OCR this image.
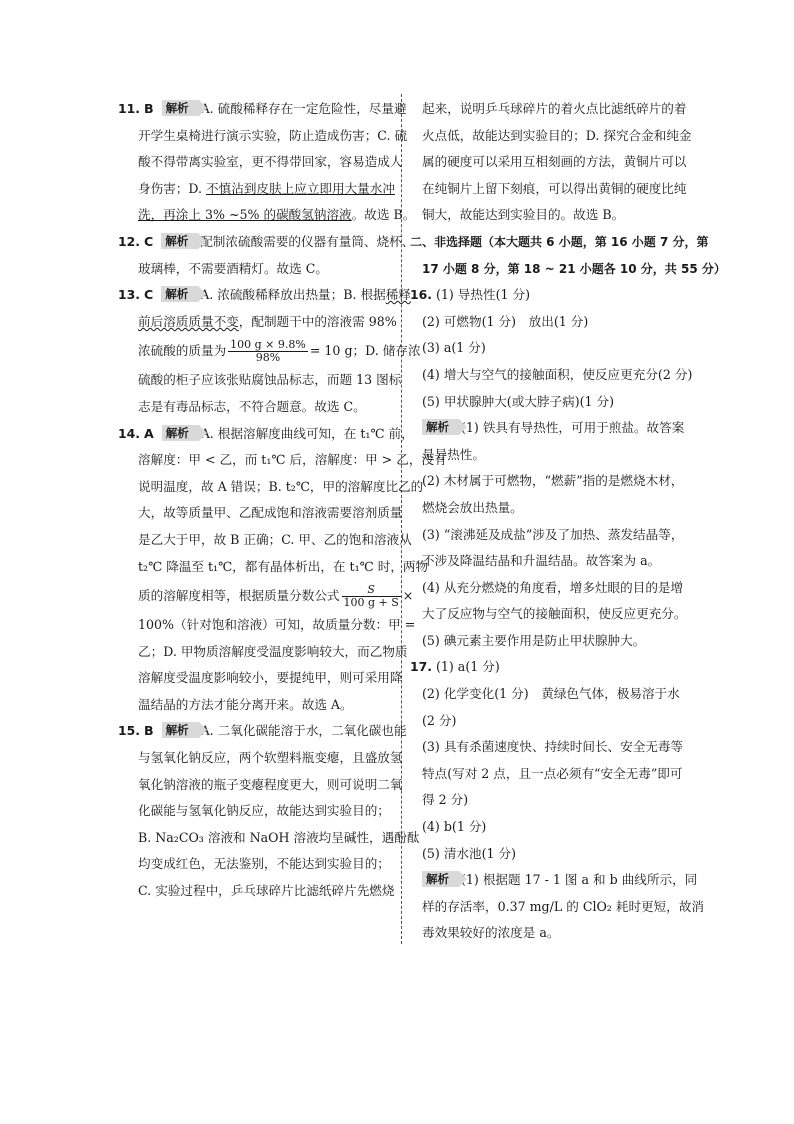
11. B 解析 A. 硫酸稀释存在一定危险性，尽量避
开学生桌椅进行演示实验，防止造成伤害；C. 硫
酸不得带离实验室，更不得带回家，容易造成人
身伤害；D. 不慎沾到皮肤上应立即用大量水冲
洗，再涂上 3% ~5% 的碳酸氢钠溶液。故选 B。
12. C 解析 配制浓硫酸需要的仪器有量筒、烧杯、
玻璃棒，不需要酒精灯。故选 C。
13. C 解析 A. 浓硫酸稀释放出热量；B. 根据稀释
前后溶质质量不变，配制题干中的溶液需 98%
浓硫酸的质量为 $\frac{100 g \times 9.8\%}{98\%} = 10$ g；D. 储存浓
硫酸的柜子应该张贴腐蚀品标志，而题 13 图标
志是有毒品标志，不符合题意。故选 C。
14. A 解析 A. 根据溶解度曲线可知，在 t₁℃ 前，
溶解度：甲 < 乙，而 t₁℃ 后，溶解度：甲 > 乙，没有
说明温度，故 A 错误；B. t₂℃，甲的溶解度比乙的
大，故等质量甲、乙配成饱和溶液需要溶剂质量
是乙大于甲，故 B 正确；C. 甲、乙的饱和溶液从
t₂℃ 降温至 t₁℃，都有晶体析出，在 t₁℃ 时，两物
质的溶解度相等，根据质量分数公式 $\frac{S}{100 g + S}$ ×
100%（针对饱和溶液）可知，故质量分数：甲 =
乙；D. 甲物质溶解度受温度影响较大，而乙物质
溶解度受温度影响较小，要提纯甲，则可采用降
温结晶的方法才能分离开来。故选 A。
15. B 解析 A. 二氧化碳能溶于水，二氧化碳也能
与氢氧化钠反应，两个软塑料瓶变瘪，且盛放氢
氧化钠溶液的瓶子变瘪程度更大，则可说明二氧
化碳能与氢氧化钠反应，故能达到实验目的；
B. Na₂CO₃ 溶液和 NaOH 溶液均呈碱性，遇酚酞
均变成红色，无法鉴别，不能达到实验目的；
C. 实验过程中，乒乓球碎片比滤纸碎片先燃烧
起来，说明乒乓球碎片的着火点比滤纸碎片的着
火点低，故能达到实验目的；D. 探究合金和纯金
属的硬度可以采用互相刻画的方法，黄铜片可以
在纯铜片上留下刻痕，可以得出黄铜的硬度比纯
铜大，故能达到实验目的。故选 B。
二、非选择题（本大题共 6 小题，第 16 小题 7 分，第
17 小题 8 分，第 18 ~ 21 小题各 10 分，共 55 分）
16. (1) 导热性(1 分)
(2) 可燃物(1 分)　放出(1 分)
(3) a(1 分)
(4) 增大与空气的接触面积，使反应更充分(2 分)
(5) 甲状腺肿大(或大脖子病)(1 分)
解析 (1) 铁具有导热性，可用于煎盐。故答案
是导热性。
(2) 木材属于可燃物，“燃薪”指的是燃烧木材，
燃烧会放出热量。
(3) “滚沸延及成盐”涉及了加热、蒸发结晶等，
不涉及降温结晶和升温结晶。故答案为 a。
(4) 从充分燃烧的角度看，增多灶眼的目的是增
大了反应物与空气的接触面积，使反应更充分。
(5) 碘元素主要作用是防止甲状腺肿大。
17. (1) a(1 分)
(2) 化学变化(1 分)　黄绿色气体，极易溶于水
(2 分)
(3) 具有杀菌速度快、持续时间长、安全无毒等
特点(写对 2 点，且一点必须有“安全无毒”即可
得 2 分)
(4) b(1 分)
(5) 清水池(1 分)
解析 (1) 根据题 17 - 1 图 a 和 b 曲线所示，同
样的存活率，0.37 mg/L 的 ClO₂ 耗时更短，故消
毒效果较好的浓度是 a。
